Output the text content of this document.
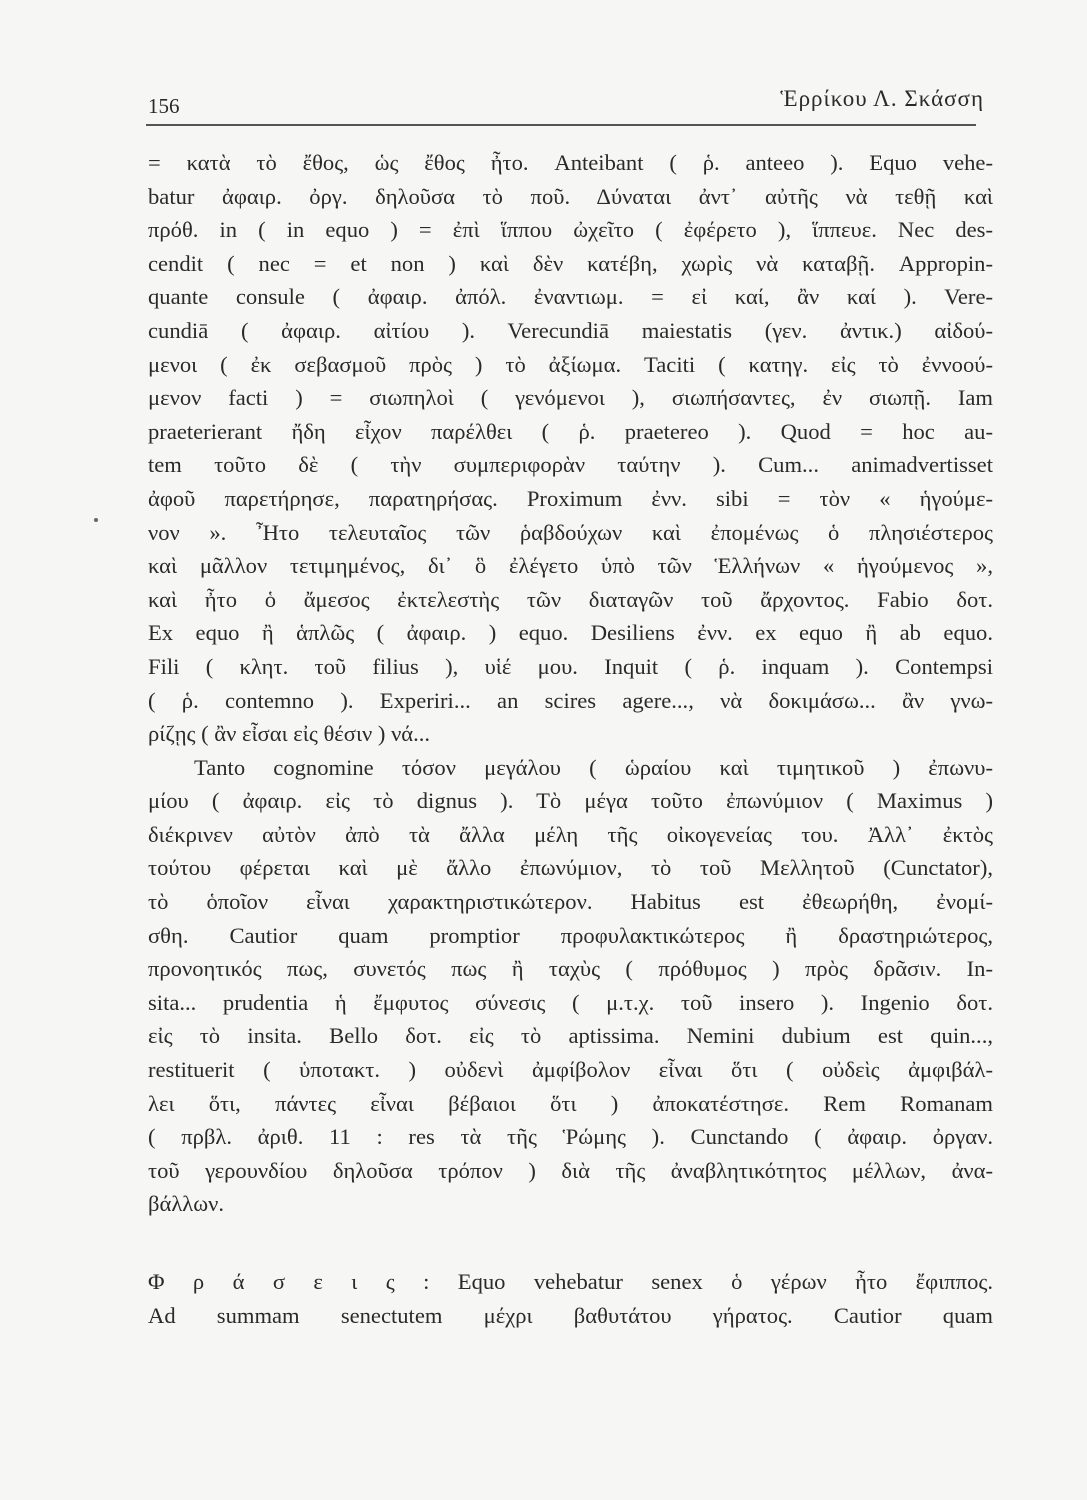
156	Ἑρρίκου Λ. Σκάσση
= κατὰ τὸ ἔθος, ὡς ἔθος ἦτο. Anteibant ( ῥ. anteeo ). Equo vehe-
batur ἀφαιρ. ὀργ. δηλοῦσα τὸ ποῦ. Δύναται ἀντ᾽ αὐτῆς νὰ τεθῇ καὶ
πρόθ. in ( in equo ) = ἐπὶ ἵππου ὠχεῖτο ( ἐφέρετο ), ἵππευε. Nec des-
cendit ( nec = et non ) καὶ δὲν κατέβη, χωρὶς νὰ καταβῇ. Appropin-
quante consule ( ἀφαιρ. ἀπόλ. ἐναντιωμ. = εἰ καί, ἂν καί ). Vere-
cundiā ( ἀφαιρ. αἰτίου ). Verecundiā maiestatis (γεν. ἀντικ.) αἰδού-
μενοι ( ἐκ σεβασμοῦ πρὸς ) τὸ ἀξίωμα. Taciti ( κατηγ. εἰς τὸ ἐννοού-
μενον facti ) = σιωπηλοὶ ( γενόμενοι ), σιωπήσαντες, ἐν σιωπῇ. Iam
praeterierant ἤδη εἶχον παρέλθει ( ῥ. praetereo ). Quod = hoc au-
tem τοῦτο δὲ ( τὴν συμπεριφορὰν ταύτην ). Cum... animadvertisset
ἀφοῦ παρετήρησε, παρατηρήσας. Proximum ἐνν. sibi = τὸν « ἡγούμε-
νον ». Ἦτο τελευταῖος τῶν ῥαβδούχων καὶ ἐπομένως ὁ πλησιέστερος
καὶ μᾶλλον τετιμημένος, δι᾽ ὃ ἐλέγετο ὑπὸ τῶν Ἑλλήνων « ἡγούμενος »,
καὶ ἦτο ὁ ἄμεσος ἐκτελεστὴς τῶν διαταγῶν τοῦ ἄρχοντος. Fabio δοτ.
Ex equo ἢ ἁπλῶς ( ἀφαιρ. ) equo. Desiliens ἐνν. ex equo ἢ ab equo.
Fili ( κλητ. τοῦ filius ), υἱέ μου. Inquit ( ῥ. inquam ). Contempsi
( ῥ. contemno ). Experiri... an scires agere..., νὰ δοκιμάσω... ἂν γνω-
ρίζῃς ( ἂν εἶσαι εἰς θέσιν ) νά...
Tanto cognomine τόσον μεγάλου ( ὡραίου καὶ τιμητικοῦ ) ἐπωνυ-
μίου ( ἀφαιρ. εἰς τὸ dignus ). Τὸ μέγα τοῦτο ἐπωνύμιον ( Maximus )
διέκρινεν αὐτὸν ἀπὸ τὰ ἄλλα μέλη τῆς οἰκογενείας του. Ἀλλ᾽ ἐκτὸς
τούτου φέρεται καὶ μὲ ἄλλο ἐπωνύμιον, τὸ τοῦ Μελλητοῦ (Cunctator),
τὸ ὁποῖον εἶναι χαρακτηριστικώτερον. Habitus est ἐθεωρήθη, ἐνομί-
σθη. Cautior quam promptior προφυλακτικώτερος ἢ δραστηριώτερος,
προνοητικός πως, συνετός πως ἢ ταχὺς ( πρόθυμος ) πρὸς δρᾶσιν. In-
sita... prudentia ἡ ἔμφυτος σύνεσις ( μ.τ.χ. τοῦ insero ). Ingenio δοτ.
εἰς τὸ insita. Bello δοτ. εἰς τὸ aptissima. Nemini dubium est quin...,
restituerit ( ὑποτακτ. ) οὐδενὶ ἀμφίβολον εἶναι ὅτι ( οὐδεὶς ἀμφιβάλ-
λει ὅτι, πάντες εἶναι βέβαιοι ὅτι ) ἀποκατέστησε. Rem Romanam
( πρβλ. ἀριθ. 11 : res τὰ τῆς Ῥώμης ). Cunctando ( ἀφαιρ. ὀργαν.
τοῦ γερουνδίου δηλοῦσα τρόπον ) διὰ τῆς ἀναβλητικότητος μέλλων, ἀνα-
βάλλων.
Φ ρ ά σ ε ι ς : Equo vehebatur senex ὁ γέρων ἦτο ἔφιππος.
Ad summam senectutem μέχρι βαθυτάτου γήρατος. Cautior quam
